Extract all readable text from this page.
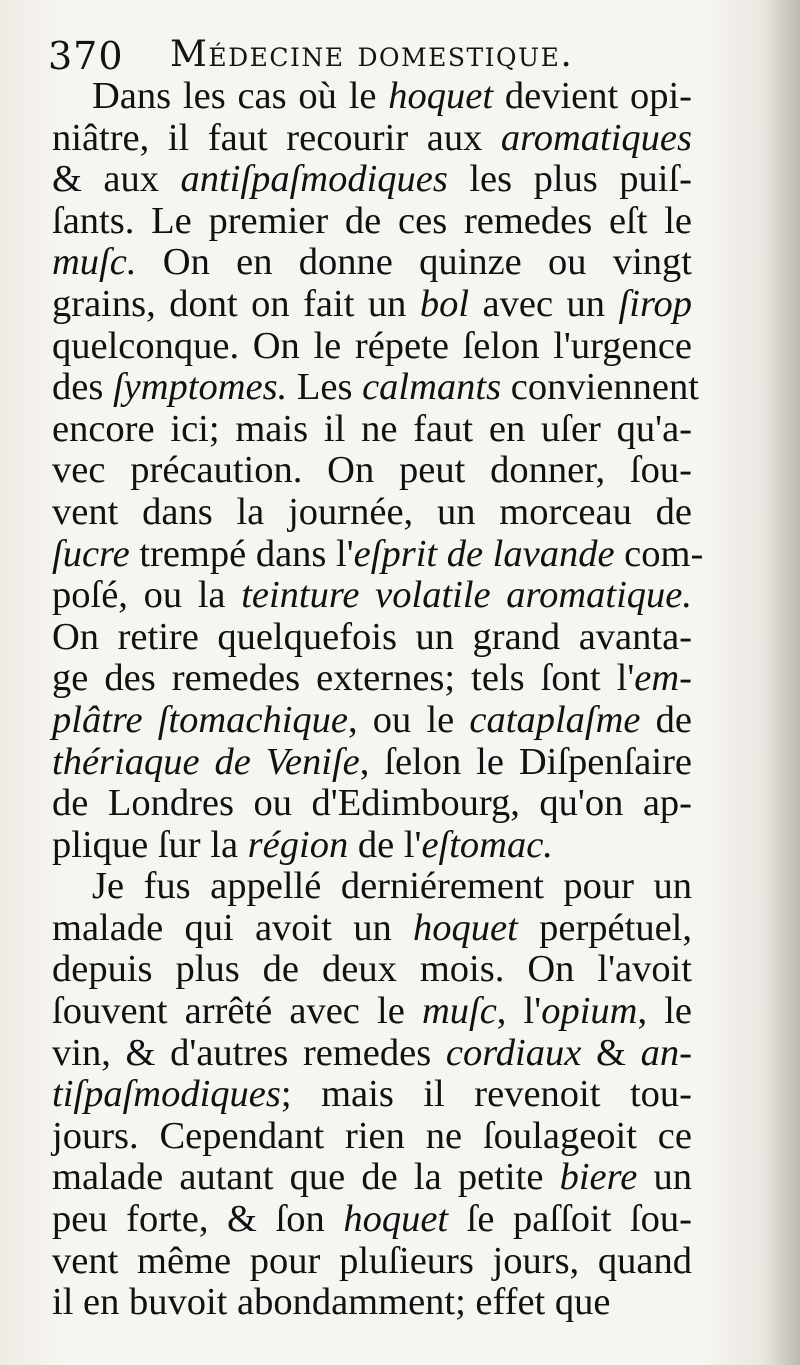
370 Médecine domestique.
Dans les cas où le hoquet devient opi-
niâtre, il faut recourir aux aromatiques
& aux antiſpaſmodiques les plus puiſ-
ſants. Le premier de ces remedes eſt le
muſc. On en donne quinze ou vingt
grains, dont on fait un bol avec un ſirop
quelconque. On le répete ſelon l'urgence
des ſymptomes. Les calmants conviennent
encore ici; mais il ne faut en uſer qu'a-
vec précaution. On peut donner, ſou-
vent dans la journée, un morceau de
ſucre trempé dans l'eſprit de lavande com-
poſé, ou la teinture volatile aromatique.
On retire quelquefois un grand avanta-
ge des remedes externes; tels ſont l'em-
plâtre ſtomachique, ou le cataplaſme de
thériaque de Veniſe, ſelon le Diſpenſaire
de Londres ou d'Edimbourg, qu'on ap-
plique ſur la région de l'eſtomac.
Je fus appellé derniérement pour un
malade qui avoit un hoquet perpétuel,
depuis plus de deux mois. On l'avoit
ſouvent arrêté avec le muſc, l'opium, le
vin, & d'autres remedes cordiaux & an-
tiſpaſmodiques; mais il revenoit tou-
jours. Cependant rien ne ſoulageoit ce
malade autant que de la petite biere un
peu forte, & ſon hoquet ſe paſſoit ſou-
vent même pour pluſieurs jours, quand
il en buvoit abondamment; effet que
